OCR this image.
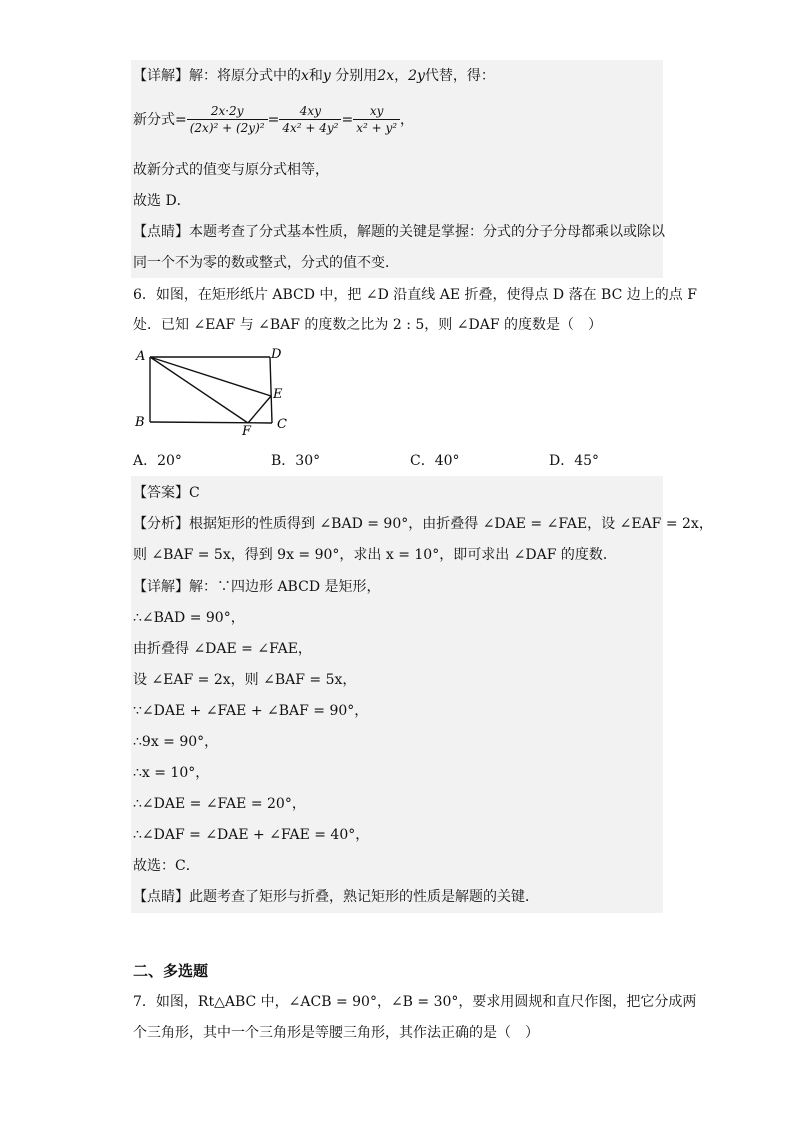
【详解】解：将原分式中的x和y 分别用2x，2y代替，得：
新分式= $\frac{2x\cdot 2y}{\text{(2x)² + (2y)²}} = \frac{4xy}{\text{4x² + 4y²}} = \frac{xy}{\text{x² + y²}}$ ，
故新分式的值变与原分式相等，
故选 D．
【点睛】本题考查了分式基本性质，解题的关键是掌握：分式的分子分母都乘以或除以
同一个不为零的数或整式，分式的值不变．
6．如图，在矩形纸片 ABCD 中，把 ∠D 沿直线 AE 折叠，使得点 D 落在 BC 边上的点 F
处．已知 ∠EAF 与 ∠BAF 的度数之比为 2 : 5，则 ∠DAF 的度数是（　）
A	D
E
B
F C
A．20°	B．30°	C．40°	D．45°
【答案】C
【分析】根据矩形的性质得到 ∠BAD = 90°，由折叠得 ∠DAE = ∠FAE，设 ∠EAF = 2x，
则 ∠BAF = 5x，得到 9x = 90°，求出 x = 10°，即可求出 ∠DAF 的度数．
【详解】解：∵四边形 ABCD 是矩形，
∴∠BAD = 90°，
由折叠得 ∠DAE = ∠FAE，
设 ∠EAF = 2x，则 ∠BAF = 5x，
∵∠DAE + ∠FAE + ∠BAF = 90°，
∴9x = 90°，
∴x = 10°，
∴∠DAE = ∠FAE = 20°，
∴∠DAF = ∠DAE + ∠FAE = 40°，
故选：C．
【点睛】此题考查了矩形与折叠，熟记矩形的性质是解题的关键．
二、多选题
7．如图，Rt△ABC 中，∠ACB = 90°，∠B = 30°，要求用圆规和直尺作图，把它分成两
个三角形，其中一个三角形是等腰三角形，其作法正确的是（　）
